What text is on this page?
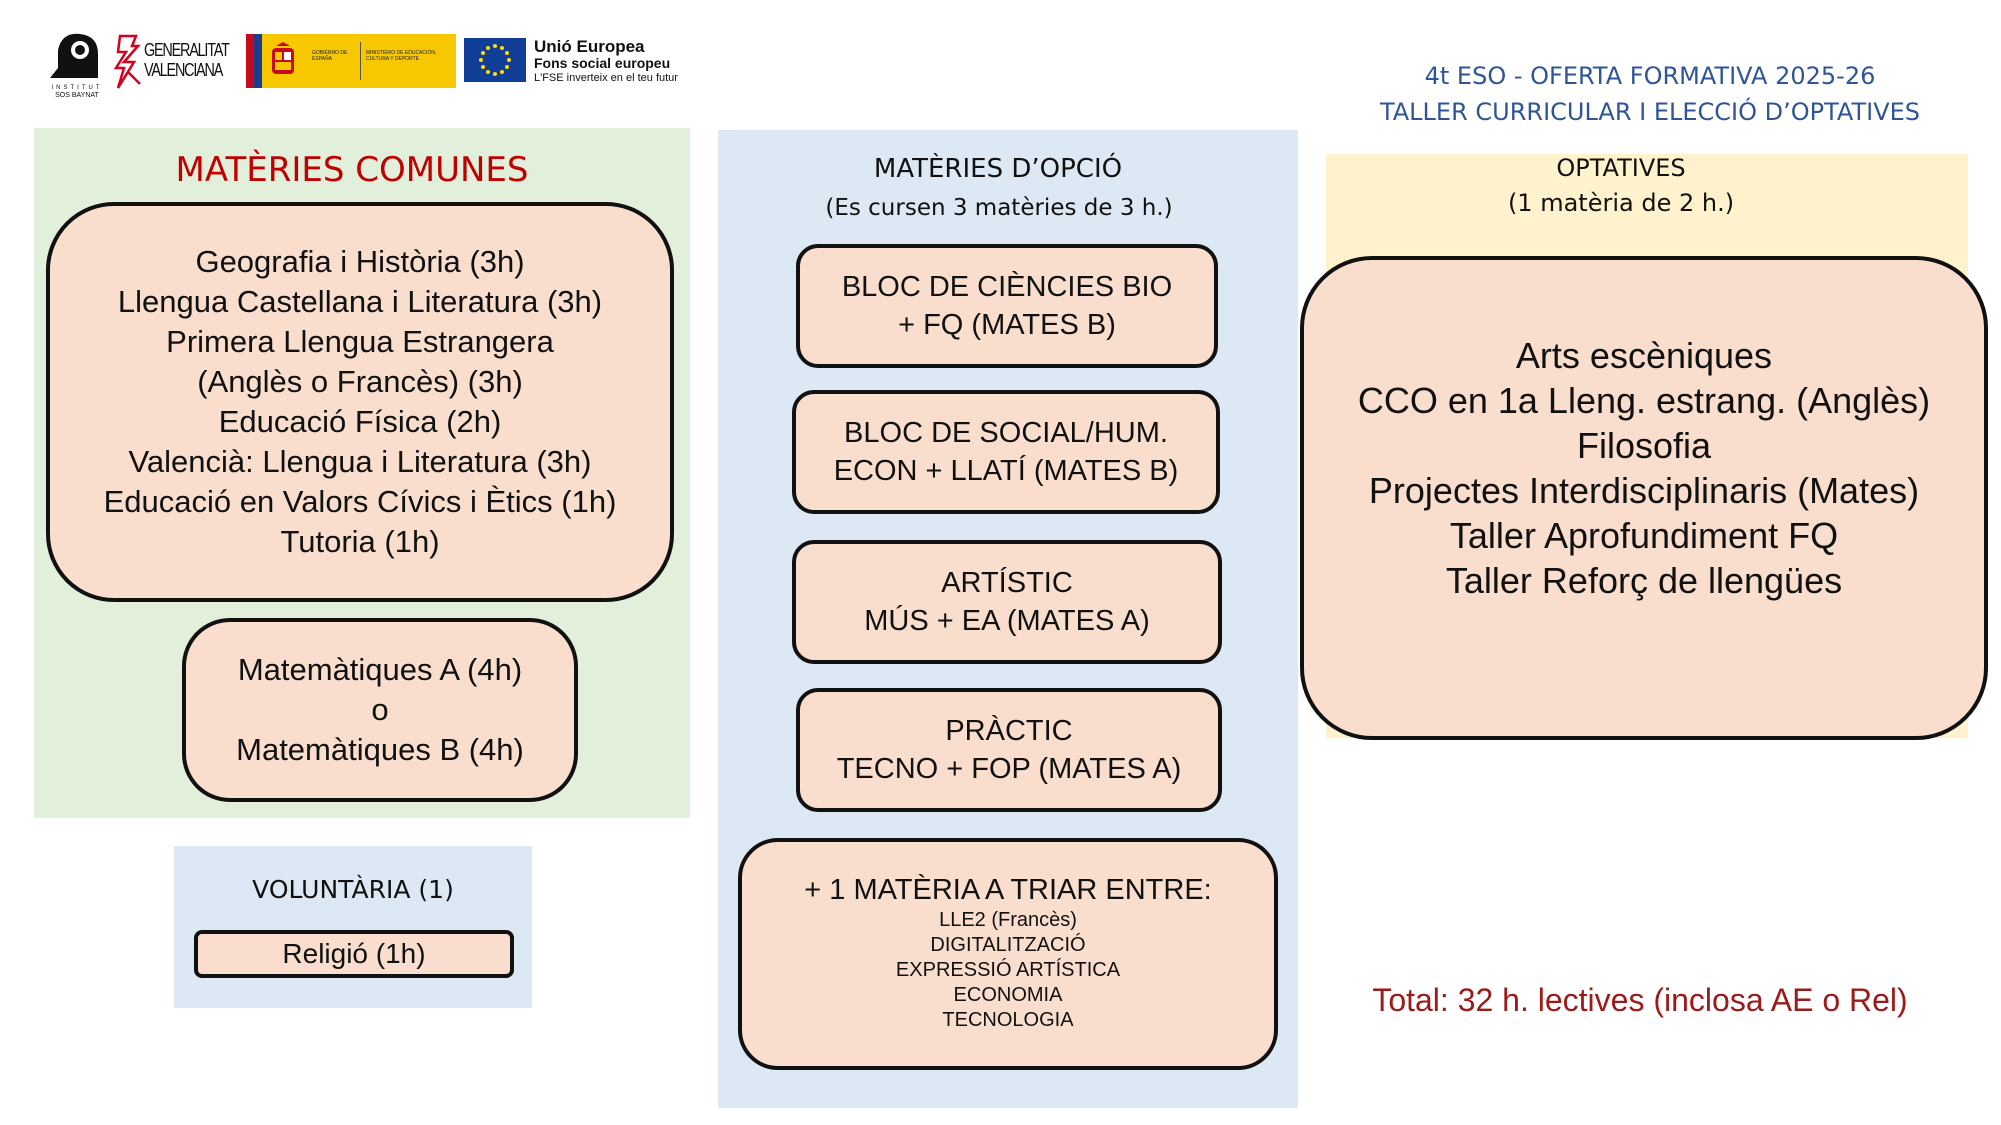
INSTITUT
SOS BAYNAT
GENERALITAT
VALENCIANA
GOBIERNO DE ESPAÑA
MINISTERIO DE EDUCACIÓN, CULTURA Y DEPORTE
Unió Europea
Fons social europeu
L'FSE inverteix en el teu futur	4t ESO - OFERTA FORMATIVA 2025-26
TALLER CURRICULAR I ELECCIÓ D’OPTATIVES
MATÈRIES COMUNES
Geografia i Història (3h)
Llengua Castellana i Literatura (3h)
Primera Llengua Estrangera
(Anglès o Francès) (3h)
Educació Física (2h)
Valencià: Llengua i Literatura (3h)
Educació en Valors Cívics i Ètics (1h)
Tutoria (1h)
Matemàtiques A (4h)
o
Matemàtiques B (4h)
VOLUNTÀRIA (1)
Religió (1h)
MATÈRIES D’OPCIÓ
(Es cursen 3 matèries de 3 h.)
BLOC DE CIÈNCIES BIO
+ FQ (MATES B)
BLOC DE SOCIAL/HUM.
ECON + LLATÍ (MATES B)
ARTÍSTIC
MÚS + EA (MATES A)
PRÀCTIC
TECNO + FOP (MATES A)
+ 1 MATÈRIA A TRIAR ENTRE:
LLE2 (Francès)
DIGITALITZACIÓ
EXPRESSIÓ ARTÍSTICA
ECONOMIA
TECNOLOGIA
OPTATIVES
(1 matèria de 2 h.)
Arts escèniques
CCO en 1a Lleng. estrang. (Anglès)
Filosofia
Projectes Interdisciplinaris (Mates)
Taller Aprofundiment FQ
Taller Reforç de llengües
Total: 32 h. lectives (inclosa AE o Rel)
